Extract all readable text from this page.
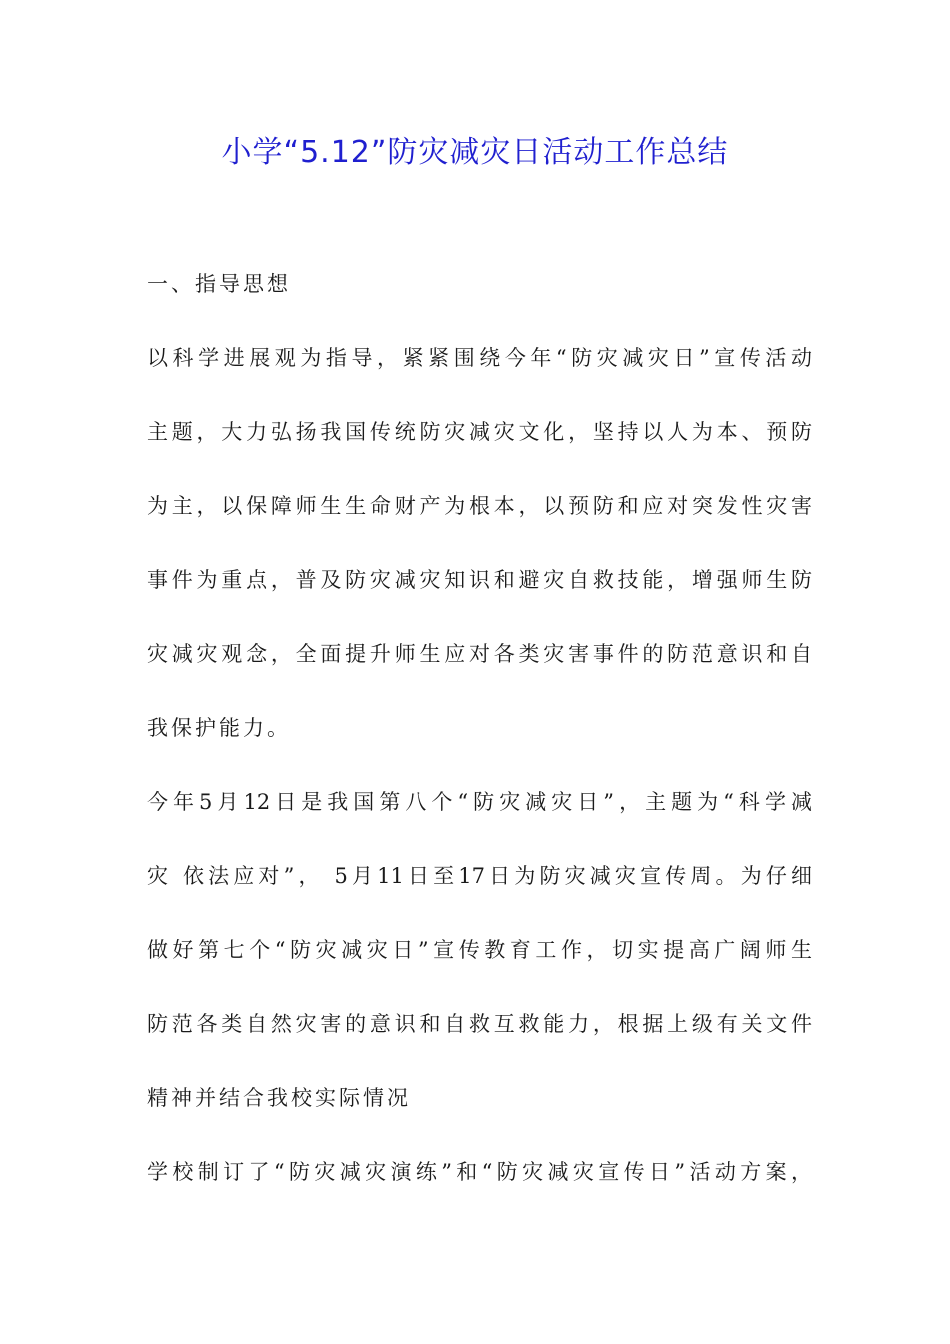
小学“5.12”防灾减灾日活动工作总结
一、指导思想
以科学进展观为指导，紧紧围绕今年“防灾减灾日”宣传活动
主题，大力弘扬我国传统防灾减灾文化，坚持以人为本、预防
为主，以保障师生生命财产为根本，以预防和应对突发性灾害
事件为重点，普及防灾减灾知识和避灾自救技能，增强师生防
灾减灾观念，全面提升师生应对各类灾害事件的防范意识和自
我保护能力。
今年5月12日是我国第八个“防灾减灾日”，主题为“科学减
灾 依法应对”， 5月11日至17日为防灾减灾宣传周。为仔细
做好第七个“防灾减灾日”宣传教育工作，切实提高广阔师生
防范各类自然灾害的意识和自救互救能力，根据上级有关文件
精神并结合我校实际情况
学校制订了“防灾减灾演练”和“防灾减灾宣传日”活动方案，
